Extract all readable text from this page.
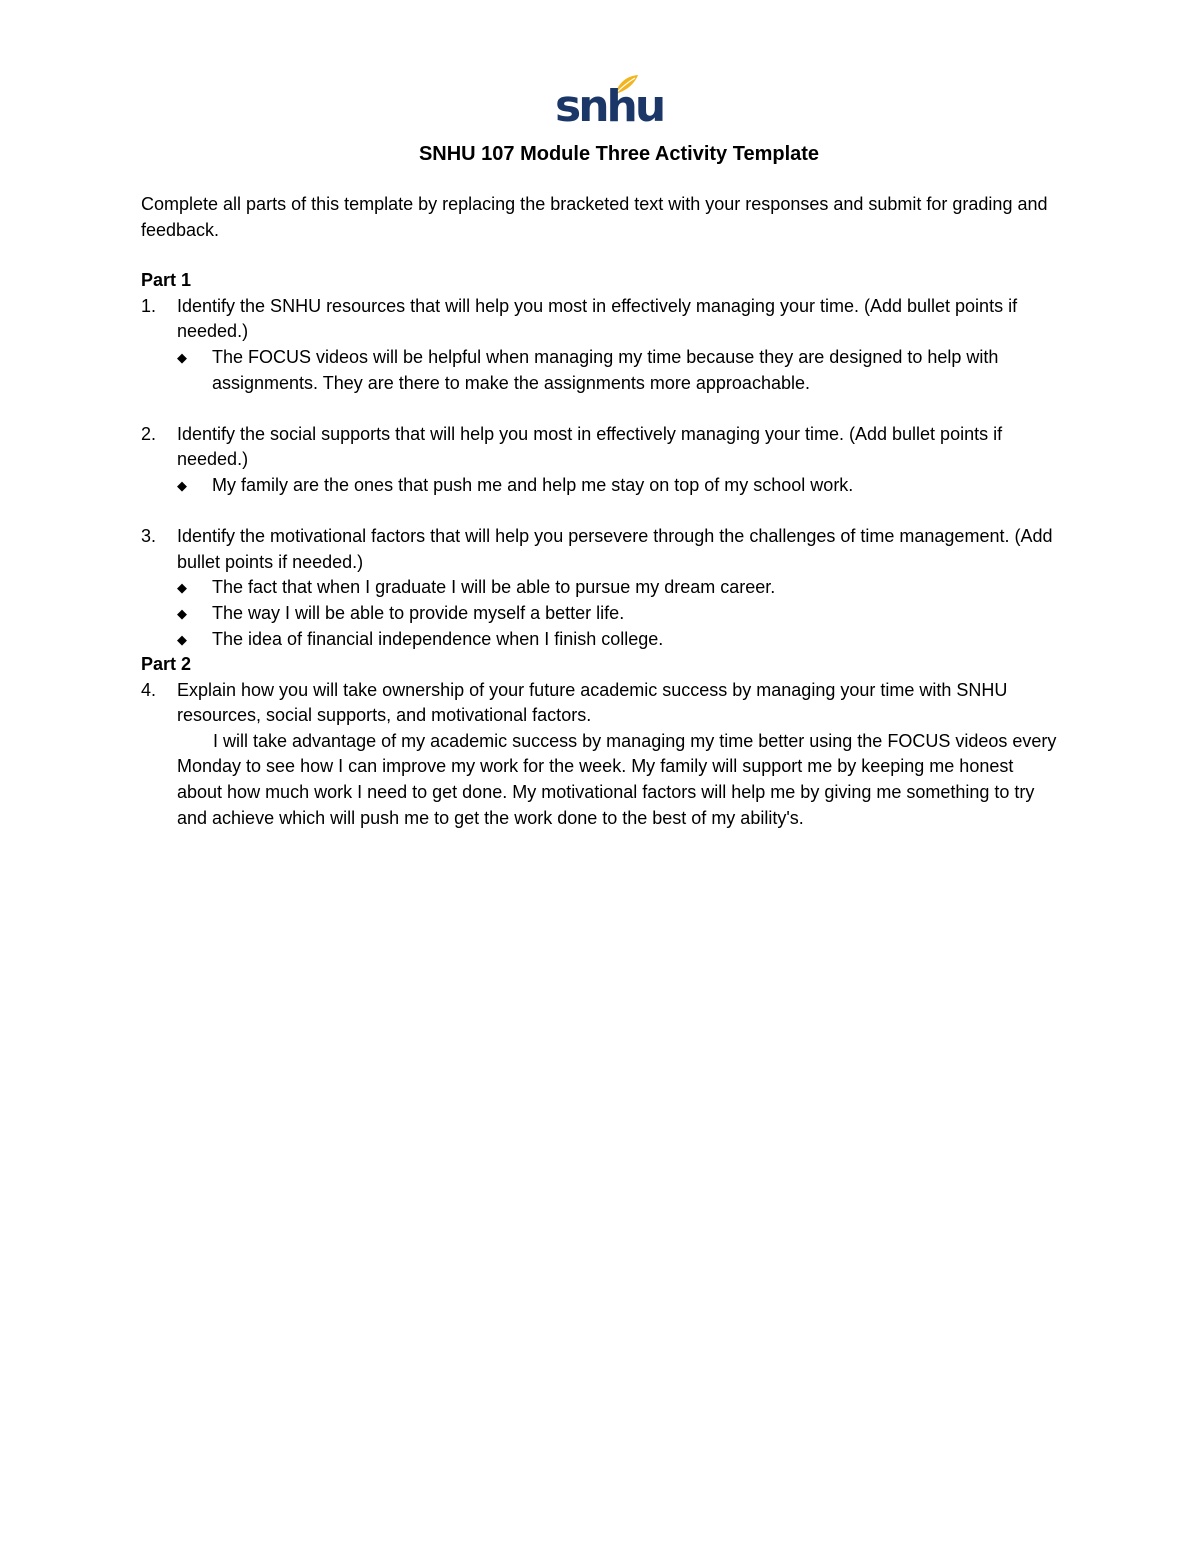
snhu
SNHU 107 Module Three Activity Template

Complete all parts of this template by replacing the bracketed text with your responses and submit for grading and feedback.

Part 1

1. Identify the SNHU resources that will help you most in effectively managing your time. (Add bullet points if needed.)
◆ The FOCUS videos will be helpful when managing my time because they are designed to help with assignments. They are there to make the assignments more approachable.
2. Identify the social supports that will help you most in effectively managing your time. (Add bullet points if needed.)
◆ My family are the ones that push me and help me stay on top of my school work.
3. Identify the motivational factors that will help you persevere through the challenges of time management. (Add bullet points if needed.)
◆ The fact that when I graduate I will be able to pursue my dream career.
◆ The way I will be able to provide myself a better life.
◆ The idea of financial independence when I finish college.

Part 2

4. Explain how you will take ownership of your future academic success by managing your time with SNHU resources, social supports, and motivational factors.

I will take advantage of my academic success by managing my time better using the FOCUS videos every Monday to see how I can improve my work for the week. My family will support me by keeping me honest about how much work I need to get done. My motivational factors will help me by giving me something to try and achieve which will push me to get the work done to the best of my ability's.
